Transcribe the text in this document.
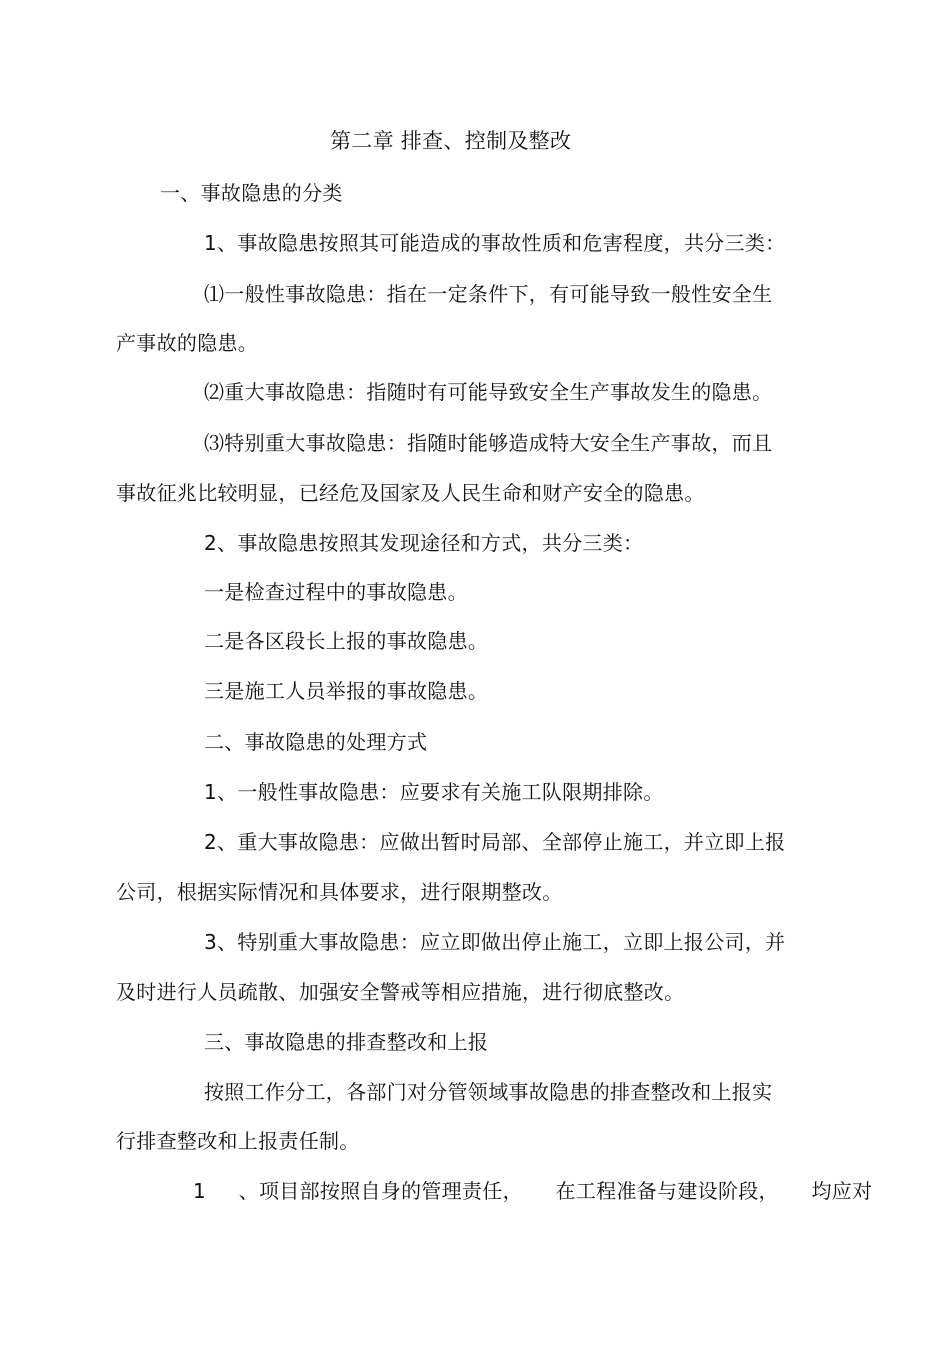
第二章 排查、控制及整改
一、事故隐患的分类
1、事故隐患按照其可能造成的事故性质和危害程度，共分三类：
⑴一般性事故隐患：指在一定条件下，有可能导致一般性安全生
产事故的隐患。
⑵重大事故隐患：指随时有可能导致安全生产事故发生的隐患。
⑶特别重大事故隐患：指随时能够造成特大安全生产事故，而且
事故征兆比较明显，已经危及国家及人民生命和财产安全的隐患。
2、事故隐患按照其发现途径和方式，共分三类：
一是检查过程中的事故隐患。
二是各区段长上报的事故隐患。
三是施工人员举报的事故隐患。
二、事故隐患的处理方式
1、一般性事故隐患：应要求有关施工队限期排除。
2、重大事故隐患：应做出暂时局部、全部停止施工，并立即上报
公司，根据实际情况和具体要求，进行限期整改。
3、特别重大事故隐患：应立即做出停止施工，立即上报公司，并
及时进行人员疏散、加强安全警戒等相应措施，进行彻底整改。
三、事故隐患的排查整改和上报
按照工作分工，各部门对分管领域事故隐患的排查整改和上报实
行排查整改和上报责任制。
1 、项目部按照自身的管理责任， 在工程准备与建设阶段， 均应对
